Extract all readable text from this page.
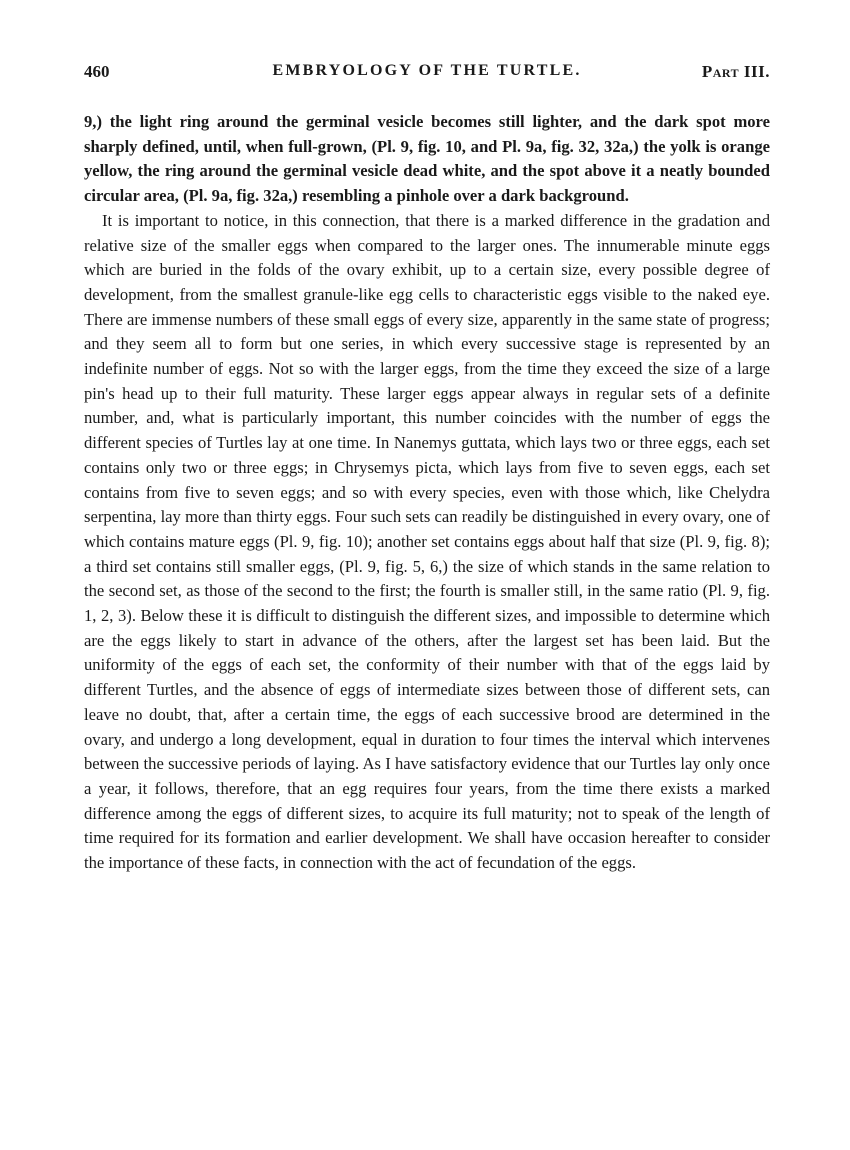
460	EMBRYOLOGY OF THE TURTLE.	Part III.

9,) the light ring around the germinal vesicle becomes still lighter, and the dark spot more sharply defined, until, when full-grown, (Pl. 9, fig. 10, and Pl. 9a, fig. 32, 32a,) the yolk is orange yellow, the ring around the germinal vesicle dead white, and the spot above it a neatly bounded circular area, (Pl. 9a, fig. 32a,) resembling a pinhole over a dark background.

It is important to notice, in this connection, that there is a marked difference in the gradation and relative size of the smaller eggs when compared to the larger ones. The innumerable minute eggs which are buried in the folds of the ovary exhibit, up to a certain size, every possible degree of development, from the smallest granule-like egg cells to characteristic eggs visible to the naked eye. There are immense numbers of these small eggs of every size, apparently in the same state of progress; and they seem all to form but one series, in which every successive stage is represented by an indefinite number of eggs. Not so with the larger eggs, from the time they exceed the size of a large pin's head up to their full maturity. These larger eggs appear always in regular sets of a definite number, and, what is particularly important, this number coincides with the number of eggs the different species of Turtles lay at one time. In Nanemys guttata, which lays two or three eggs, each set contains only two or three eggs; in Chrysemys picta, which lays from five to seven eggs, each set contains from five to seven eggs; and so with every species, even with those which, like Chelydra serpentina, lay more than thirty eggs. Four such sets can readily be distinguished in every ovary, one of which contains mature eggs (Pl. 9, fig. 10); another set contains eggs about half that size (Pl. 9, fig. 8); a third set contains still smaller eggs, (Pl. 9, fig. 5, 6,) the size of which stands in the same relation to the second set, as those of the second to the first; the fourth is smaller still, in the same ratio (Pl. 9, fig. 1, 2, 3). Below these it is difficult to distinguish the different sizes, and impossible to determine which are the eggs likely to start in advance of the others, after the largest set has been laid. But the uniformity of the eggs of each set, the conformity of their number with that of the eggs laid by different Turtles, and the absence of eggs of intermediate sizes between those of different sets, can leave no doubt, that, after a certain time, the eggs of each successive brood are determined in the ovary, and undergo a long development, equal in duration to four times the interval which intervenes between the successive periods of laying. As I have satisfactory evidence that our Turtles lay only once a year, it follows, therefore, that an egg requires four years, from the time there exists a marked difference among the eggs of different sizes, to acquire its full maturity; not to speak of the length of time required for its formation and earlier development. We shall have occasion hereafter to consider the importance of these facts, in connection with the act of fecundation of the eggs.
